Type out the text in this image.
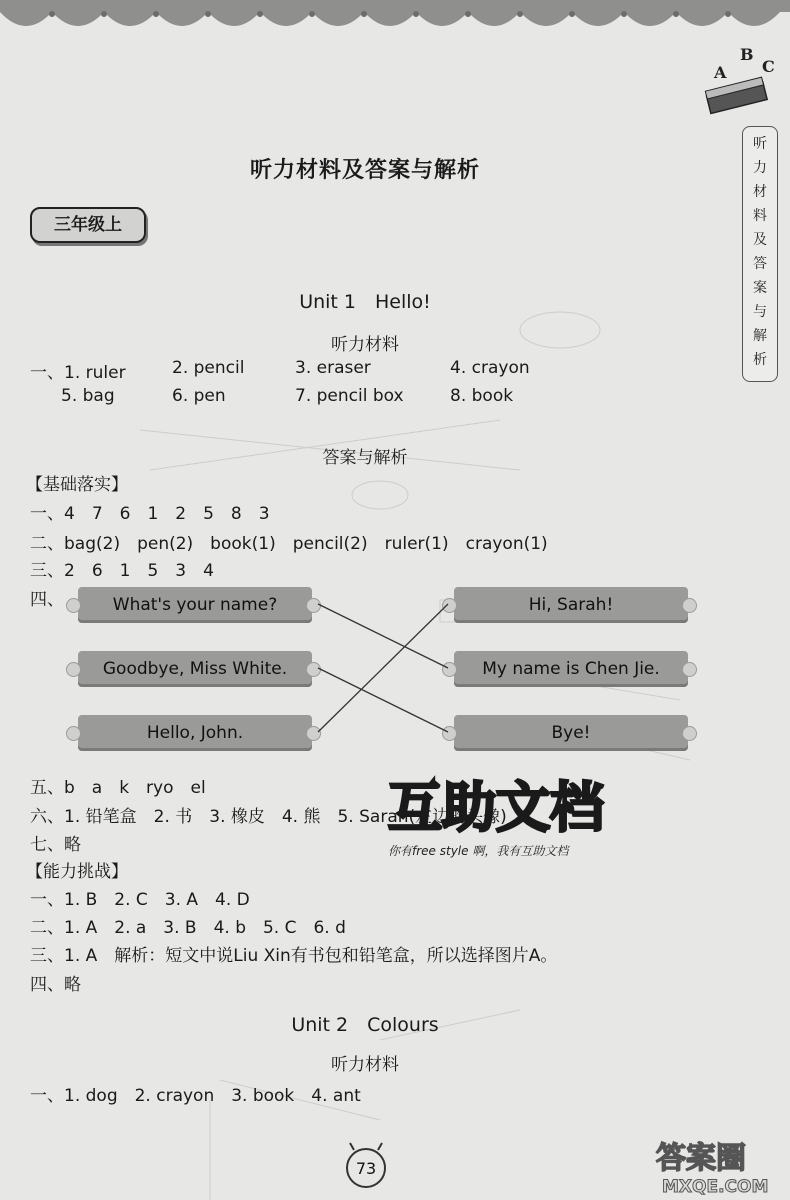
A
B
C
听
力
材
料
及
答
案
与
解
析
听力材料及答案与解析
三年级上
Unit 1　Hello!
听力材料
一、1. ruler	2. pencil	3. eraser	4. crayon
5. bag	6. pen	7. pencil box	8. book
答案与解析
【基础落实】
一、4　7　6　1　2　5　8　3
二、bag(2)　pen(2)　book(1)　pencil(2)　ruler(1)　crayon(1)
三、2　6　1　5　3　4
四、	What's your name?
Goodbye, Miss White.
Hello, John.
Hi, Sarah!
My name is Chen Jie.
Bye!
五、b　a　k　ryo　el
六、1. 铅笔盒　2. 书　3. 橡皮　4. 熊　5. Sarah(左边的头像)
七、略
互助文档
你有free style 啊，我有互助文档
【能力挑战】
一、1. B　2. C　3. A　4. D
二、1. A　2. a　3. B　4. b　5. C　6. d
三、1. A　解析：短文中说Liu Xin有书包和铅笔盒，所以选择图片A。
四、略
Unit 2　Colours
听力材料
一、1. dog　2. crayon　3. book　4. ant
73	答案圈
MXQE.COM
